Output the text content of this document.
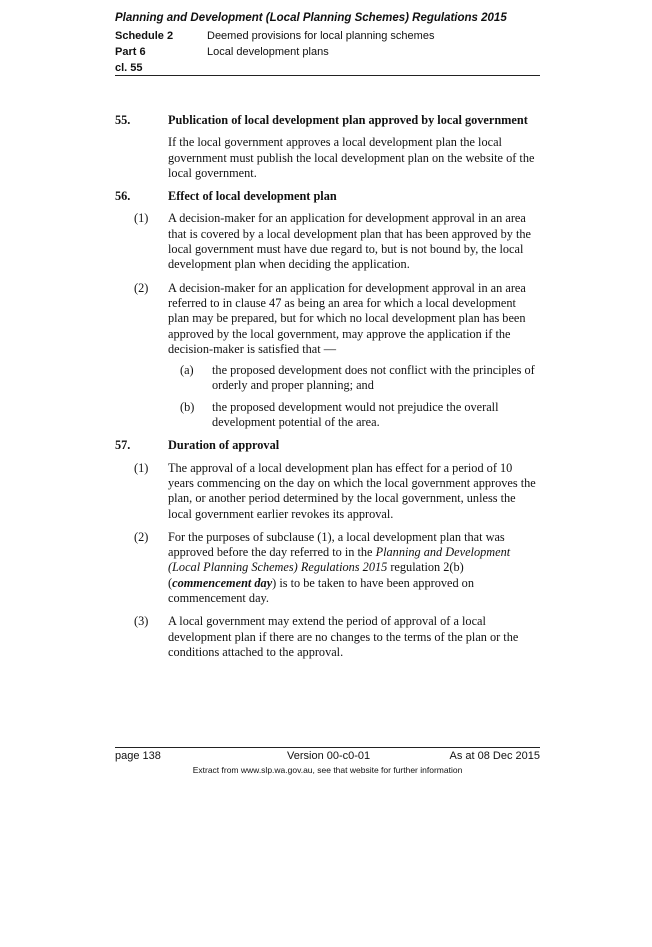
Planning and Development (Local Planning Schemes) Regulations 2015
Schedule 2	Deemed provisions for local planning schemes
Part 6	Local development plans
cl. 55
55.	Publication of local development plan approved by local government
If the local government approves a local development plan the local government must publish the local development plan on the website of the local government.
56.	Effect of local development plan
(1)	A decision-maker for an application for development approval in an area that is covered by a local development plan that has been approved by the local government must have due regard to, but is not bound by, the local development plan when deciding the application.
(2)	A decision-maker for an application for development approval in an area referred to in clause 47 as being an area for which a local development plan may be prepared, but for which no local development plan has been approved by the local government, may approve the application if the decision-maker is satisfied that —
(a)	the proposed development does not conflict with the principles of orderly and proper planning; and
(b)	the proposed development would not prejudice the overall development potential of the area.
57.	Duration of approval
(1)	The approval of a local development plan has effect for a period of 10 years commencing on the day on which the local government approves the plan, or another period determined by the local government, unless the local government earlier revokes its approval.
(2)	For the purposes of subclause (1), a local development plan that was approved before the day referred to in the Planning and Development (Local Planning Schemes) Regulations 2015 regulation 2(b) (commencement day) is to be taken to have been approved on commencement day.
(3)	A local government may extend the period of approval of a local development plan if there are no changes to the terms of the plan or the conditions attached to the approval.
page 138	Version 00-c0-01	As at 08 Dec 2015
Extract from www.slp.wa.gov.au, see that website for further information
